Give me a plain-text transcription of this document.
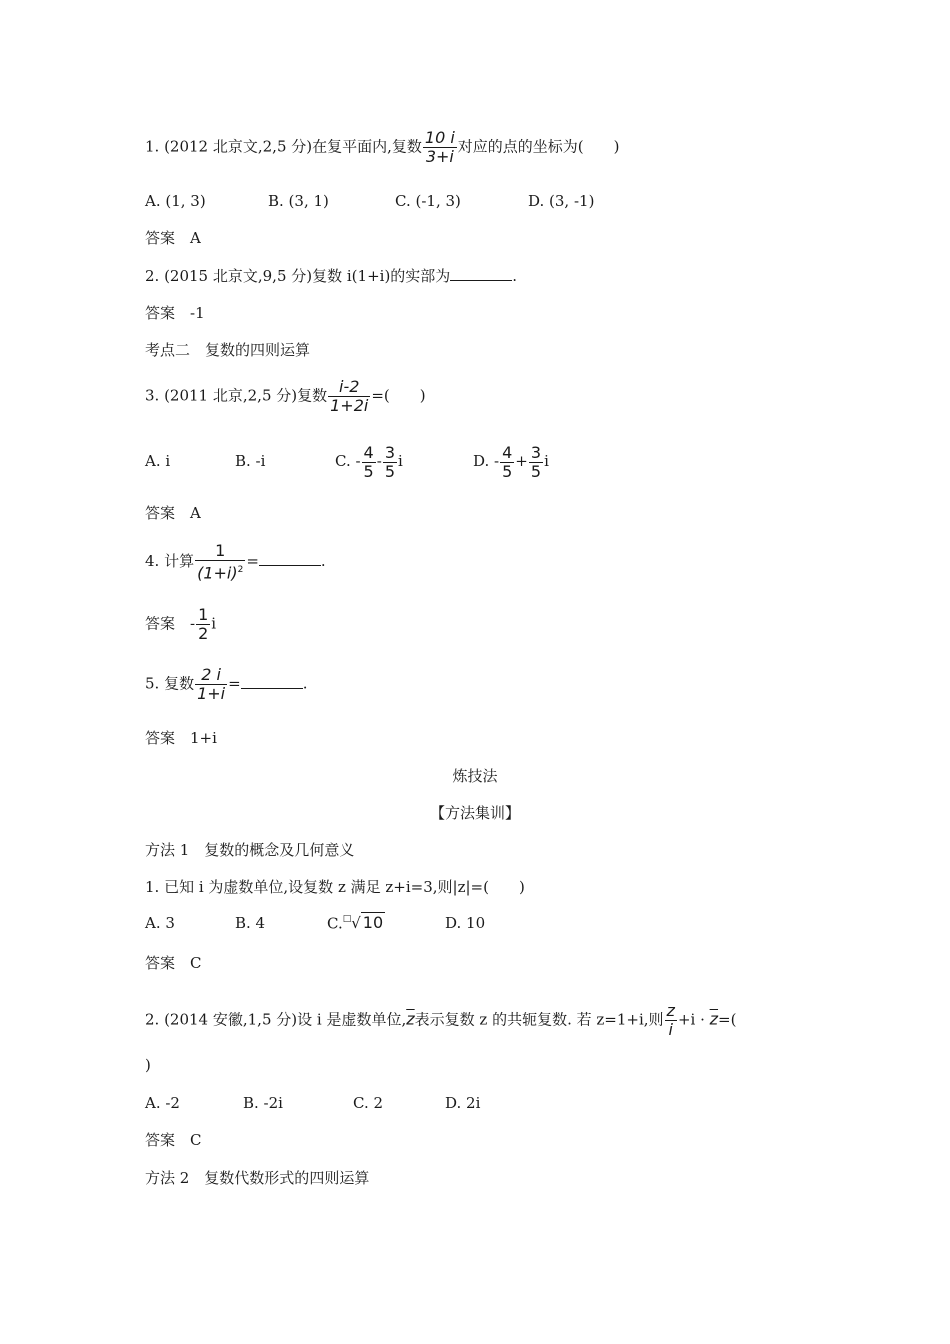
1. (2012 北京文,2,5 分)在复平面内,复数 $\frac{10 i}{3+i}$ 对应的点的坐标为(　　)
A. (1, 3)	B. (3, 1)	C. (-1, 3)	D. (3, -1)
答案　A
2. (2015 北京文,9,5 分)复数 i(1+i)的实部为	.
答案　-1
考点二　复数的四则运算
3. (2011 北京,2,5 分)复数 $\frac{i-2}{1+2i}$ =(　　)
A. i	B. -i	C. - $\frac{4}{5} - \frac{3}{5}$ i	D. - $\frac{4}{5} + \frac{3}{5}$ i
答案　A
4. 计算 $\frac{1}{(1+i)^2}$ =	.
答案　- $\frac{1}{2}$ i
5. 复数 $\frac{2 i}{1+i}$ =	.
答案　1+i
炼技法
【方法集训】
方法 1　复数的概念及几何意义
1. 已知 i 为虚数单位,设复数 z 满足 z+i=3,则|z|=(　　)
A. 3	B. 4	C.□√ 10	D. 10
答案　C
2. (2014 安徽,1,5 分)设 i 是虚数单位$,\overline{z}$表示复数 z 的共轭复数. 若 z=1+i,则 $\frac{z}{i} +i \cdot \overline{z}=$(
)
A. -2	B. -2i	C. 2	D. 2i
答案　C
方法 2　复数代数形式的四则运算
